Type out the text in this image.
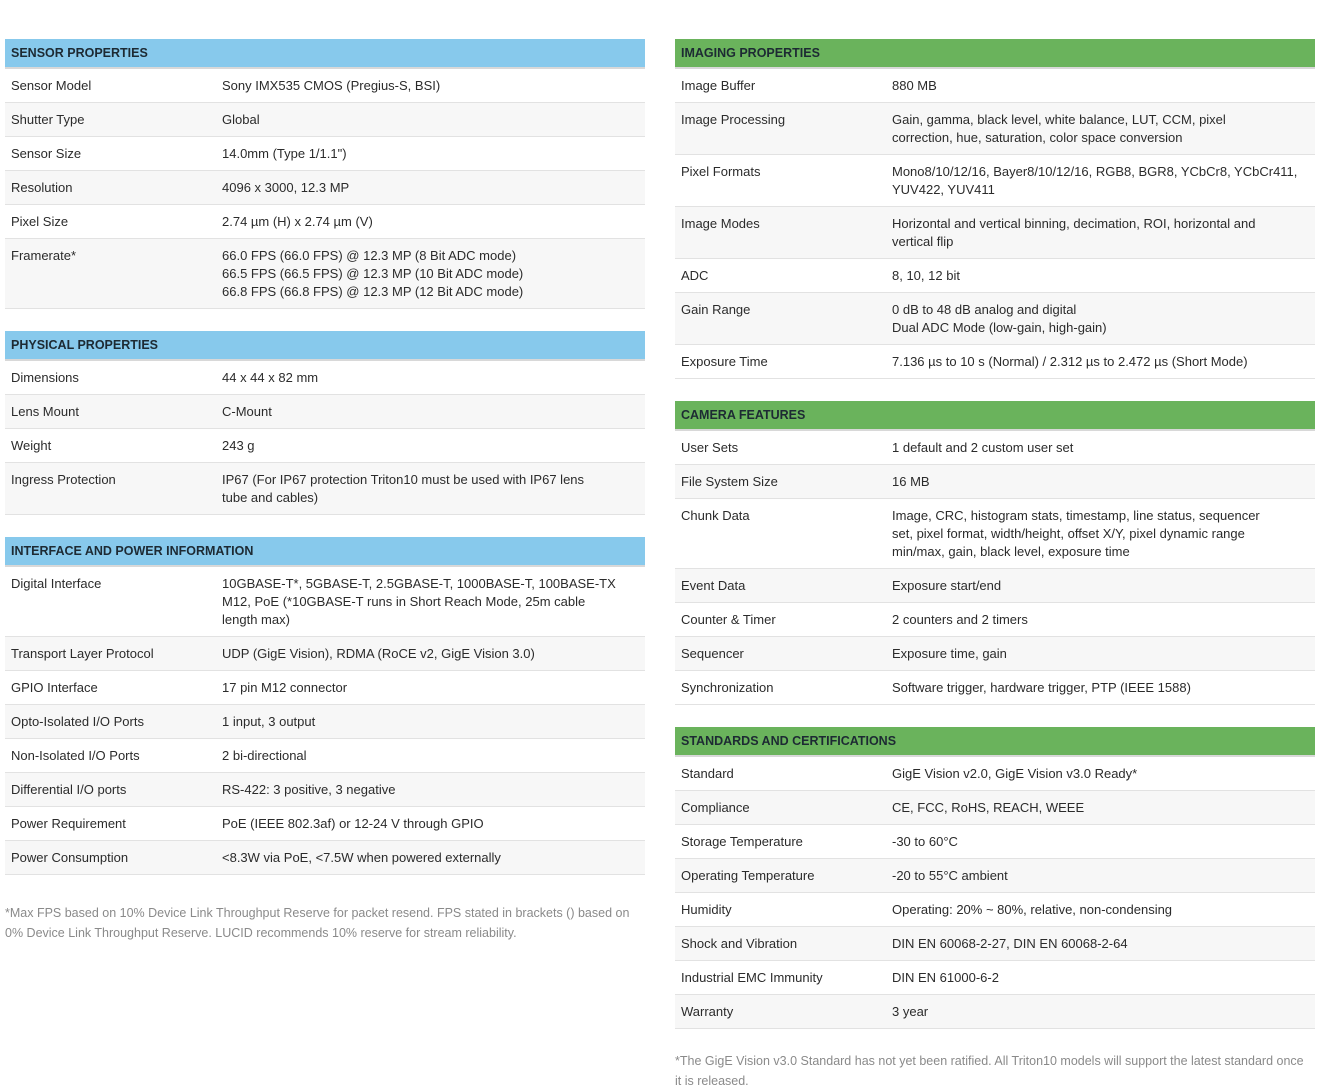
SENSOR PROPERTIES
Sensor Model	Sony IMX535 CMOS (Pregius-S, BSI)
Shutter Type	Global
Sensor Size	14.0mm (Type 1/1.1")
Resolution	4096 x 3000, 12.3 MP
Pixel Size	2.74 µm (H) x 2.74 µm (V)
Framerate*	66.0 FPS (66.0 FPS) @ 12.3 MP (8 Bit ADC mode)
66.5 FPS (66.5 FPS) @ 12.3 MP (10 Bit ADC mode)
66.8 FPS (66.8 FPS) @ 12.3 MP (12 Bit ADC mode)
PHYSICAL PROPERTIES
Dimensions	44 x 44 x 82 mm
Lens Mount	C-Mount
Weight	243 g
Ingress Protection	IP67 (For IP67 protection Triton10 must be used with IP67 lens
tube and cables)
INTERFACE AND POWER INFORMATION
Digital Interface	10GBASE-T*, 5GBASE-T, 2.5GBASE-T, 1000BASE-T, 100BASE-TX
M12, PoE (*10GBASE-T runs in Short Reach Mode, 25m cable
length max)
Transport Layer Protocol	UDP (GigE Vision), RDMA (RoCE v2, GigE Vision 3.0)
GPIO Interface	17 pin M12 connector
Opto-Isolated I/O Ports	1 input, 3 output
Non-Isolated I/O Ports	2 bi-directional
Differential I/O ports	RS-422: 3 positive, 3 negative
Power Requirement	PoE (IEEE 802.3af) or 12-24 V through GPIO
Power Consumption	<8.3W via PoE, <7.5W when powered externally
*Max FPS based on 10% Device Link Throughput Reserve for packet resend. FPS stated in brackets () based on 0% Device Link Throughput Reserve. LUCID recommends 10% reserve for stream reliability.
IMAGING PROPERTIES
Image Buffer	880 MB
Image Processing	Gain, gamma, black level, white balance, LUT, CCM, pixel
correction, hue, saturation, color space conversion
Pixel Formats	Mono8/10/12/16, Bayer8/10/12/16, RGB8, BGR8, YCbCr8, YCbCr411,
YUV422, YUV411
Image Modes	Horizontal and vertical binning, decimation, ROI, horizontal and
vertical flip
ADC	8, 10, 12 bit
Gain Range	0 dB to 48 dB analog and digital
Dual ADC Mode (low-gain, high-gain)
Exposure Time	7.136 µs to 10 s (Normal) / 2.312 µs to 2.472 µs (Short Mode)
CAMERA FEATURES
User Sets	1 default and 2 custom user set
File System Size	16 MB
Chunk Data	Image, CRC, histogram stats, timestamp, line status, sequencer
set, pixel format, width/height, offset X/Y, pixel dynamic range
min/max, gain, black level, exposure time
Event Data	Exposure start/end
Counter & Timer	2 counters and 2 timers
Sequencer	Exposure time, gain
Synchronization	Software trigger, hardware trigger, PTP (IEEE 1588)
STANDARDS AND CERTIFICATIONS
Standard	GigE Vision v2.0, GigE Vision v3.0 Ready*
Compliance	CE, FCC, RoHS, REACH, WEEE
Storage Temperature	-30 to 60°C
Operating Temperature	-20 to 55°C ambient
Humidity	Operating: 20% ~ 80%, relative, non-condensing
Shock and Vibration	DIN EN 60068-2-27, DIN EN 60068-2-64
Industrial EMC Immunity	DIN EN 61000-6-2
Warranty	3 year
*The GigE Vision v3.0 Standard has not yet been ratified. All Triton10 models will support the latest standard once it is released.
